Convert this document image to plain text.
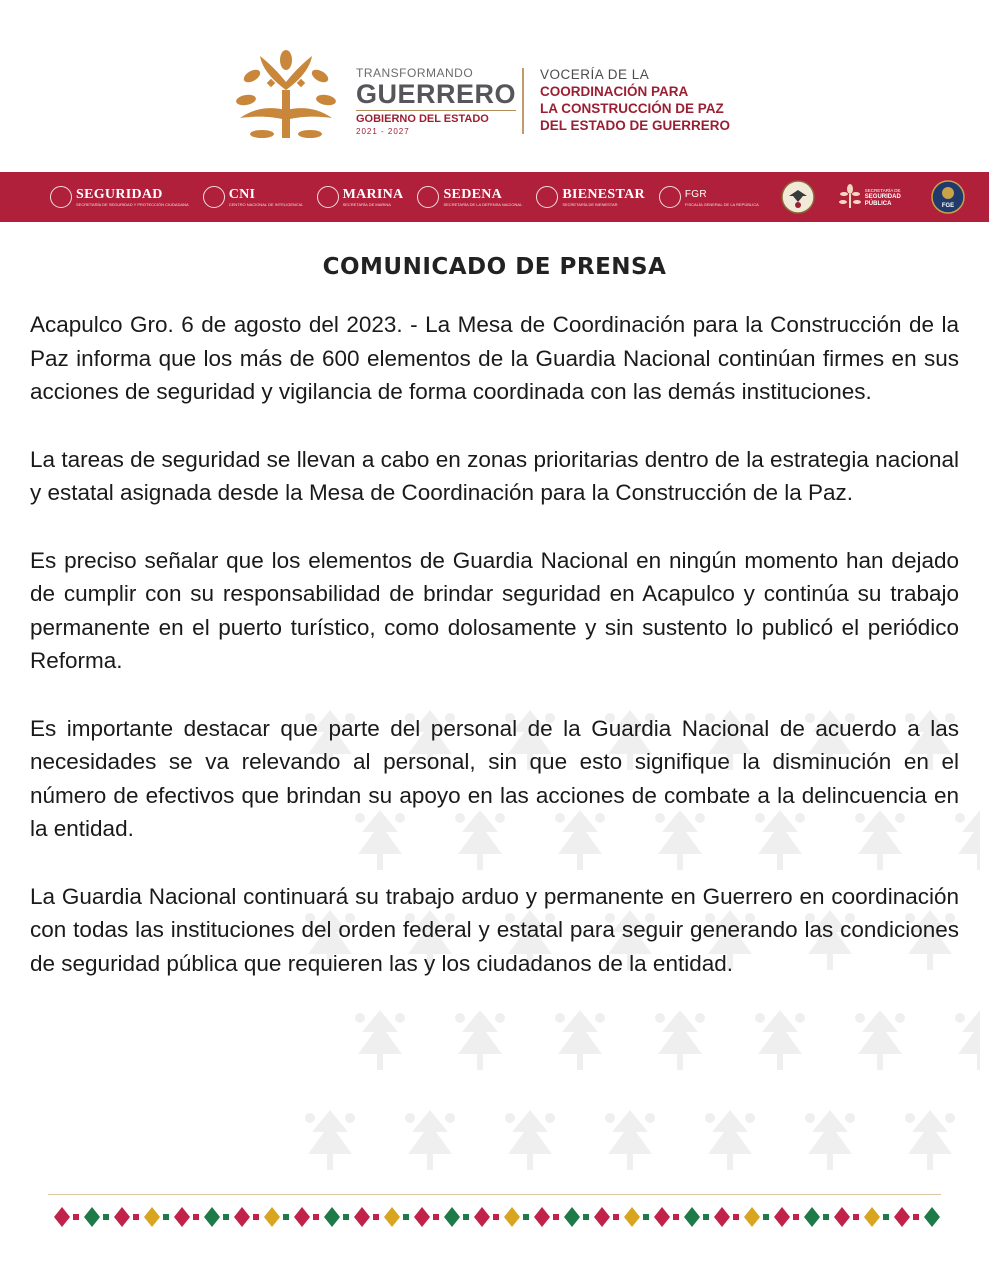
TRANSFORMANDO
GUERRERO
GOBIERNO DEL ESTADO
2021 - 2027
VOCERÍA DE LA
COORDINACIÓN PARA
LA CONSTRUCCIÓN DE PAZ
DEL ESTADO DE GUERRERO
SEGURIDAD
SECRETARÍA DE SEGURIDAD Y PROTECCIÓN CIUDADANA
CNI
CENTRO NACIONAL DE INTELIGENCIA
MARINA
SECRETARÍA DE MARINA
SEDENA
SECRETARÍA DE LA DEFENSA NACIONAL
BIENESTAR
SECRETARÍA DE BIENESTAR
FGR
FISCALÍA GENERAL DE LA REPÚBLICA
SECRETARÍA DE
SEGURIDAD
PÚBLICA	FGE
COMUNICADO DE PRENSA

Acapulco Gro. 6 de agosto del 2023. - La Mesa de Coordinación para la Construcción de la Paz informa que los más de 600 elementos de la Guardia Nacional continúan firmes en sus acciones de seguridad y vigilancia de forma coordinada con las demás instituciones.

La tareas de seguridad se llevan a cabo en zonas prioritarias dentro de la estrategia nacional y estatal asignada desde la Mesa de Coordinación para la Construcción de la Paz.

Es preciso señalar que los elementos de Guardia Nacional en ningún momento han dejado de cumplir con su responsabilidad de brindar seguridad en Acapulco y continúa su trabajo permanente en el puerto turístico, como dolosamente y sin sustento lo publicó el periódico Reforma.

Es importante destacar que parte del personal de la Guardia Nacional de acuerdo a las necesidades se va relevando al personal, sin que esto signifique la disminución en el número de efectivos que brindan su apoyo en las acciones de combate a la delincuencia en la entidad.

La Guardia Nacional continuará su trabajo arduo y permanente en Guerrero en coordinación con todas las instituciones del orden federal y estatal para seguir generando las condiciones de seguridad pública que requieren las y los ciudadanos de la entidad.
